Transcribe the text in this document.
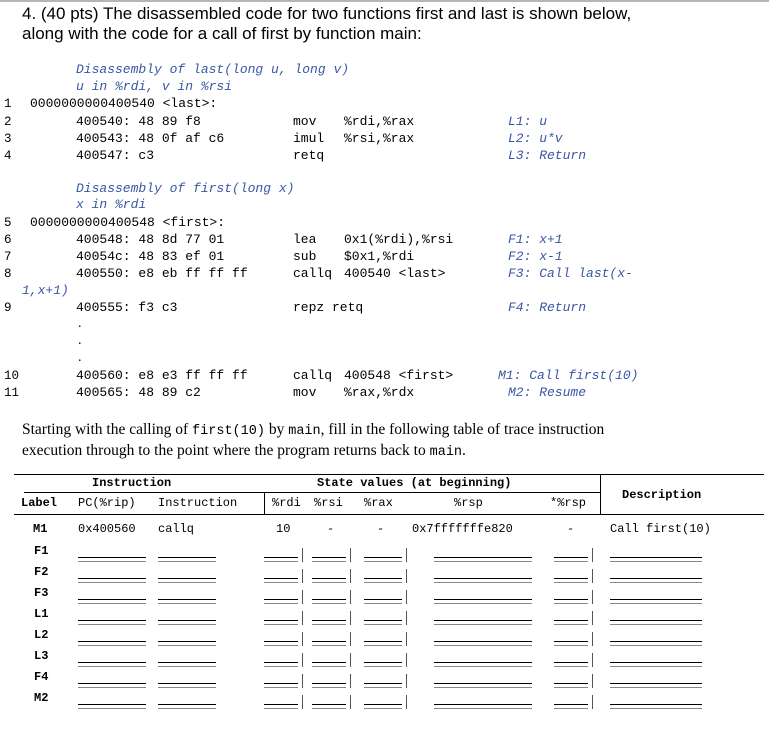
4. (40 pts) The disassembled code for two functions first and last is shown below,
along with the code for a call of first by function main:
Disassembly of last(long u, long v)
u in %rdi, v in %rsi
1 0000000000400540 <last>:
2	400540: 48 89 f8	mov %rdi,%rax	L1: u
3	400543: 48 0f af c6	imul %rsi,%rax	L2: u*v
4	400547: c3	retq	L3: Return
Disassembly of first(long x)
x in %rdi
5 0000000000400548 <first>:
6	400548: 48 8d 77 01	lea 0x1(%rdi),%rsi	F1: x+1
7	40054c: 48 83 ef 01	sub $0x1,%rdi	F2: x-1
8	400550: e8 eb ff ff ff	callq 400540 <last>	F3: Call last(x-
1,x+1)
9	400555: f3 c3	repz retq	F4: Return
.
.
.
10	400560: e8 e3 ff ff ff	callq 400548 <first>	M1: Call first(10)
11	400565: 48 89 c2	mov %rax,%rdx	M2: Resume
Starting with the calling of first(10) by main, fill in the following table of trace instruction
execution through to the point where the program returns back to main.
Instruction	State values (at beginning)
Label PC(%rip) Instruction	%rdi %rsi %rax	%rsp	*%rsp
Description
M1	0x400560 callq	10	-	- 0x7fffffffe820	-	Call first(10)
F1
F2
F3
L1
L2
L3
F4
M2
